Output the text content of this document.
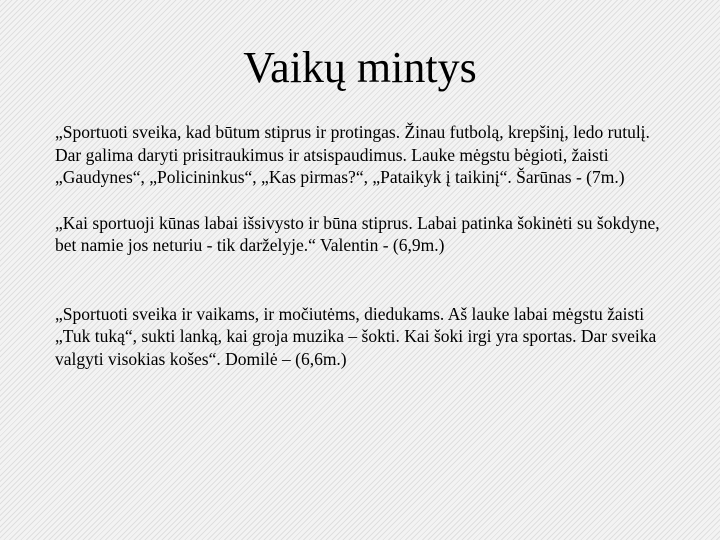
Vaikų mintys

„Sportuoti sveika, kad būtum stiprus ir protingas. Žinau futbolą, krepšinį, ledo rutulį. Dar galima daryti prisitraukimus ir atsispaudimus. Lauke mėgstu bėgioti, žaisti „Gaudynes“, „Policininkus“, „Kas pirmas?“, „Pataikyk į taikinį“. Šarūnas - (7m.)

„Kai sportuoji kūnas labai išsivysto ir būna stiprus. Labai patinka šokinėti su šokdyne, bet namie jos neturiu - tik darželyje.“ Valentin - (6,9m.)

„Sportuoti sveika ir vaikams, ir močiutėms, diedukams. Aš lauke labai mėgstu žaisti „Tuk tuką“, sukti lanką, kai groja muzika – šokti. Kai šoki irgi yra sportas. Dar sveika valgyti visokias košes“. Domilė – (6,6m.)
